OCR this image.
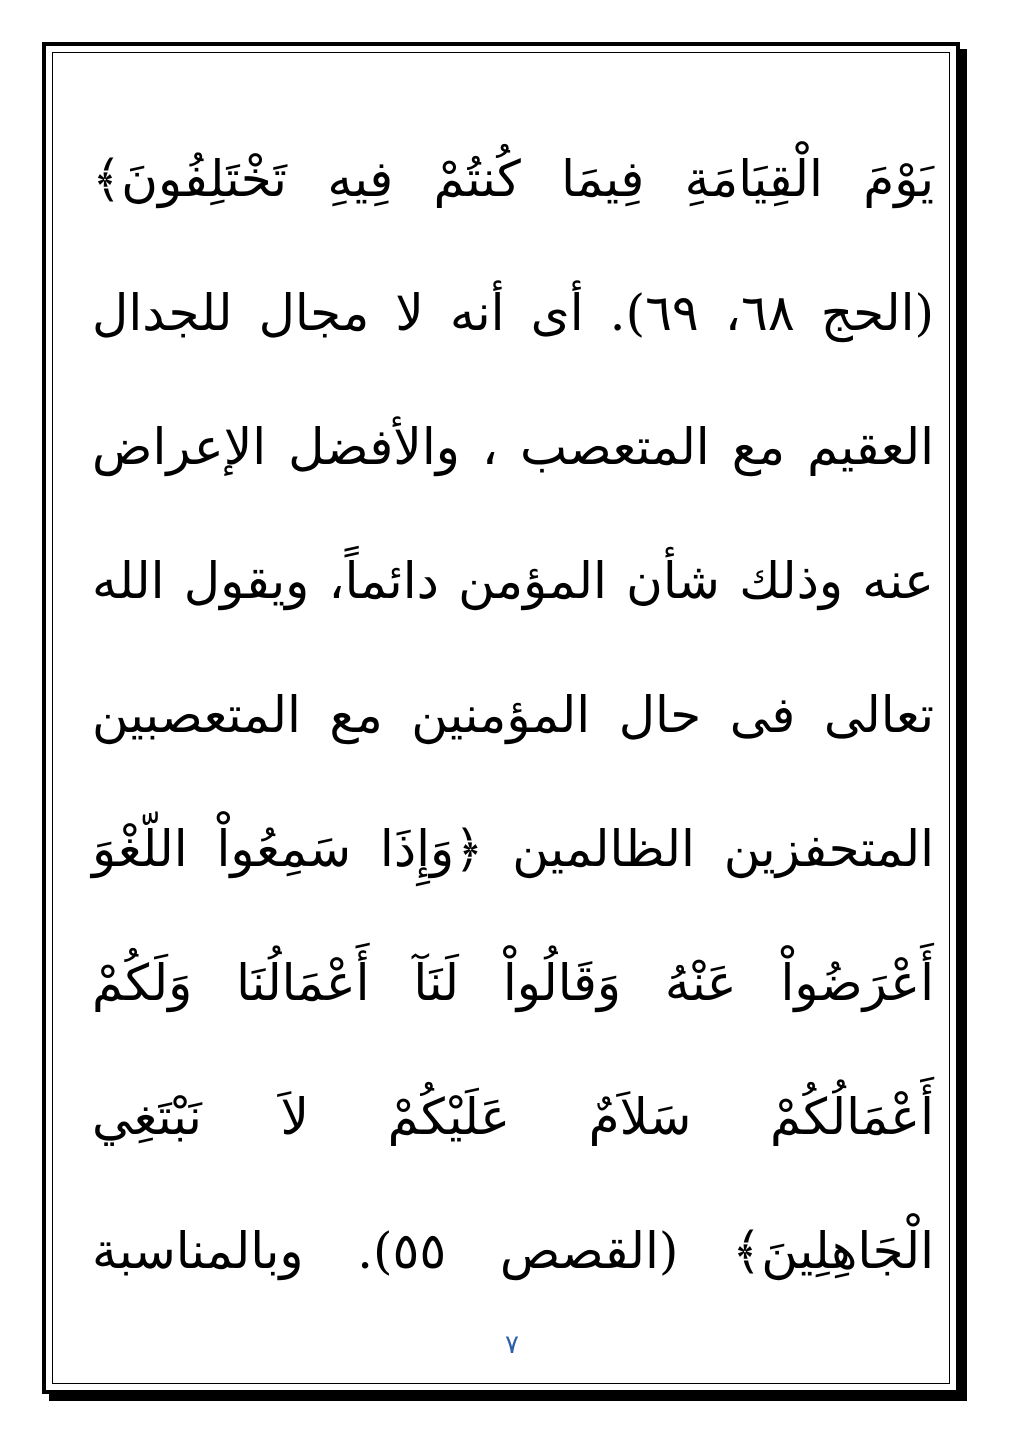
يَوْمَ الْقِيَامَةِ فِيمَا كُنتُمْ فِيهِ تَخْتَلِفُونَ﴾
(الحج ٦٨، ٦٩). أى أنه لا مجال للجدال
العقيم مع المتعصب ، والأفضل الإعراض
عنه وذلك شأن المؤمن دائماً، ويقول الله
تعالى فى حال المؤمنين مع المتعصبين
المتحفزين الظالمين ﴿وَإِذَا سَمِعُواْ اللّغْوَ
أَعْرَضُواْ عَنْهُ وَقَالُواْ لَنَآ أَعْمَالُنَا وَلَكُمْ
أَعْمَالُكُمْ سَلاَمٌ عَلَيْكُمْ لاَ نَبْتَغِي
الْجَاهِلِينَ﴾ (القصص ٥٥). وبالمناسبة
٧
